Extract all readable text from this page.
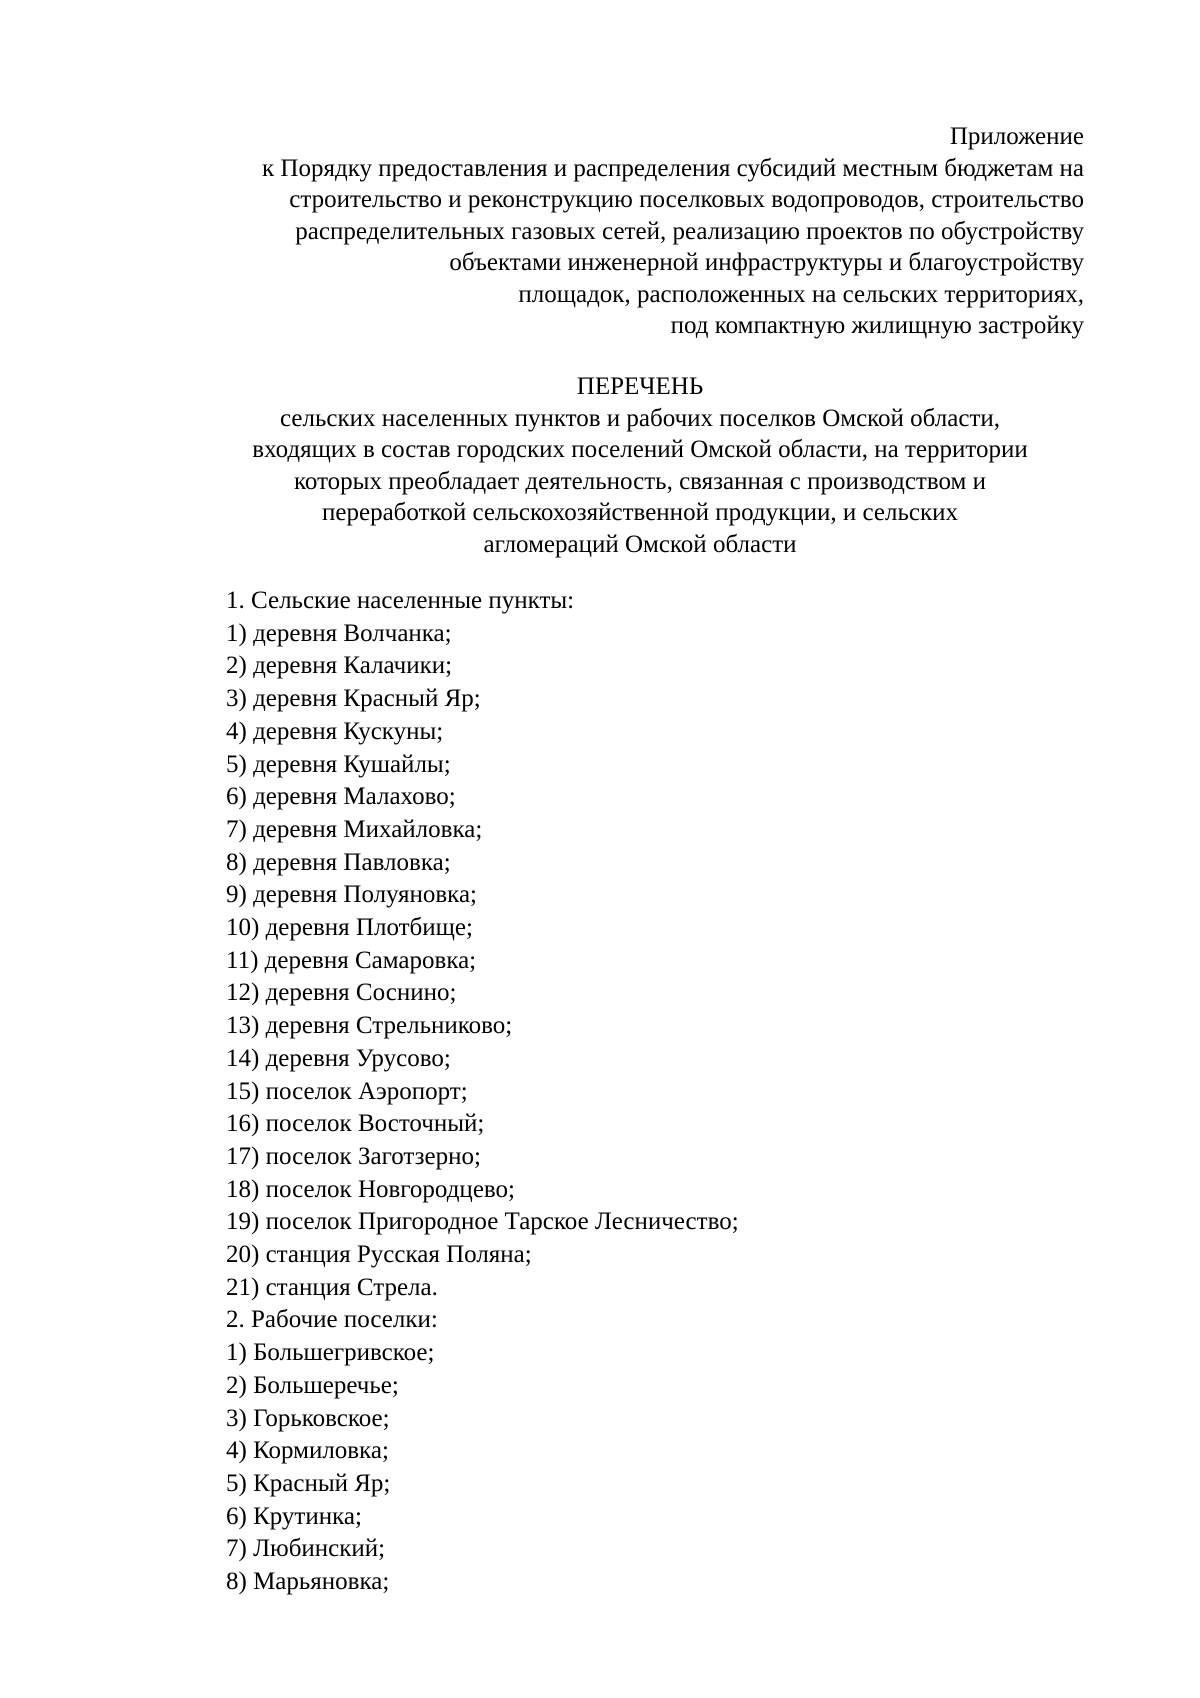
Приложение
к Порядку предоставления и распределения субсидий местным бюджетам на
строительство и реконструкцию поселковых водопроводов, строительство
распределительных газовых сетей, реализацию проектов по обустройству
объектами инженерной инфраструктуры и благоустройству
площадок, расположенных на сельских территориях,
под компактную жилищную застройку
ПЕРЕЧЕНЬ
сельских населенных пунктов и рабочих поселков Омской области,
входящих в состав городских поселений Омской области, на территории
которых преобладает деятельность, связанная с производством и
переработкой сельскохозяйственной продукции, и сельских
агломераций Омской области
1. Сельские населенные пункты:
1) деревня Волчанка;
2) деревня Калачики;
3) деревня Красный Яр;
4) деревня Кускуны;
5) деревня Кушайлы;
6) деревня Малахово;
7) деревня Михайловка;
8) деревня Павловка;
9) деревня Полуяновка;
10) деревня Плотбище;
11) деревня Самаровка;
12) деревня Соснино;
13) деревня Стрельниково;
14) деревня Урусово;
15) поселок Аэропорт;
16) поселок Восточный;
17) поселок Заготзерно;
18) поселок Новгородцево;
19) поселок Пригородное Тарское Лесничество;
20) станция Русская Поляна;
21) станция Стрела.
2. Рабочие поселки:
1) Большегривское;
2) Большеречье;
3) Горьковское;
4) Кормиловка;
5) Красный Яр;
6) Крутинка;
7) Любинский;
8) Марьяновка;
